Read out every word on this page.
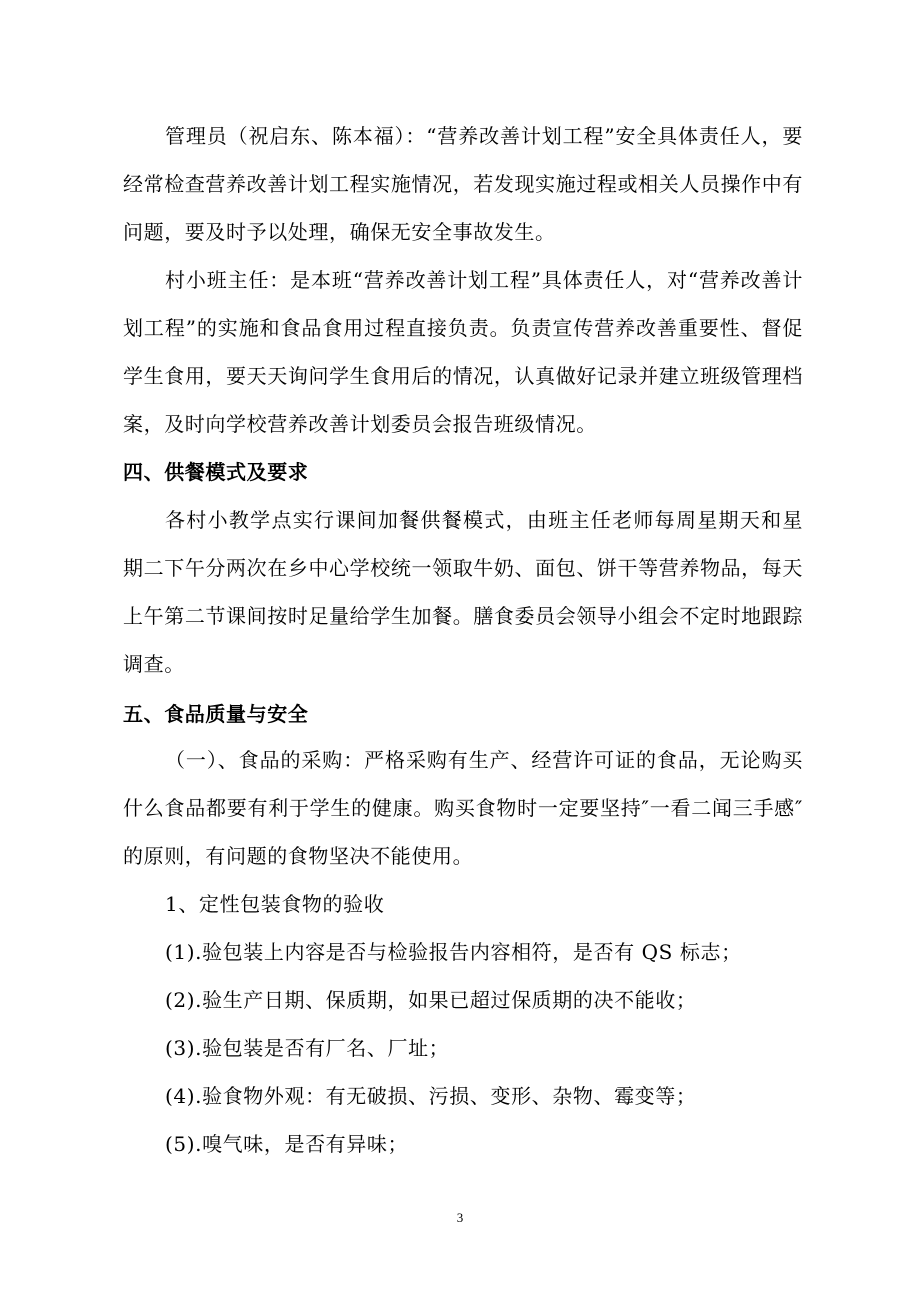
管理员（祝启东、陈本福）：“营养改善计划工程”安全具体责任人，要经常检查营养改善计划工程实施情况，若发现实施过程或相关人员操作中有问题，要及时予以处理，确保无安全事故发生。

村小班主任：是本班“营养改善计划工程”具体责任人，对“营养改善计划工程”的实施和食品食用过程直接负责。负责宣传营养改善重要性、督促学生食用，要天天询问学生食用后的情况，认真做好记录并建立班级管理档案，及时向学校营养改善计划委员会报告班级情况。

四、供餐模式及要求

各村小教学点实行课间加餐供餐模式，由班主任老师每周星期天和星期二下午分两次在乡中心学校统一领取牛奶、面包、饼干等营养物品，每天上午第二节课间按时足量给学生加餐。膳食委员会领导小组会不定时地跟踪调查。

五、食品质量与安全

（一）、食品的采购：严格采购有生产、经营许可证的食品，无论购买什么食品都要有利于学生的健康。购买食物时一定要坚持″一看二闻三手感″的原则，有问题的食物坚决不能使用。

1、定性包装食物的验收

(1).验包装上内容是否与检验报告内容相符，是否有 QS 标志；

(2).验生产日期、保质期，如果已超过保质期的决不能收；

(3).验包装是否有厂名、厂址；

(4).验食物外观：有无破损、污损、变形、杂物、霉变等；

(5).嗅气味，是否有异味；

3
